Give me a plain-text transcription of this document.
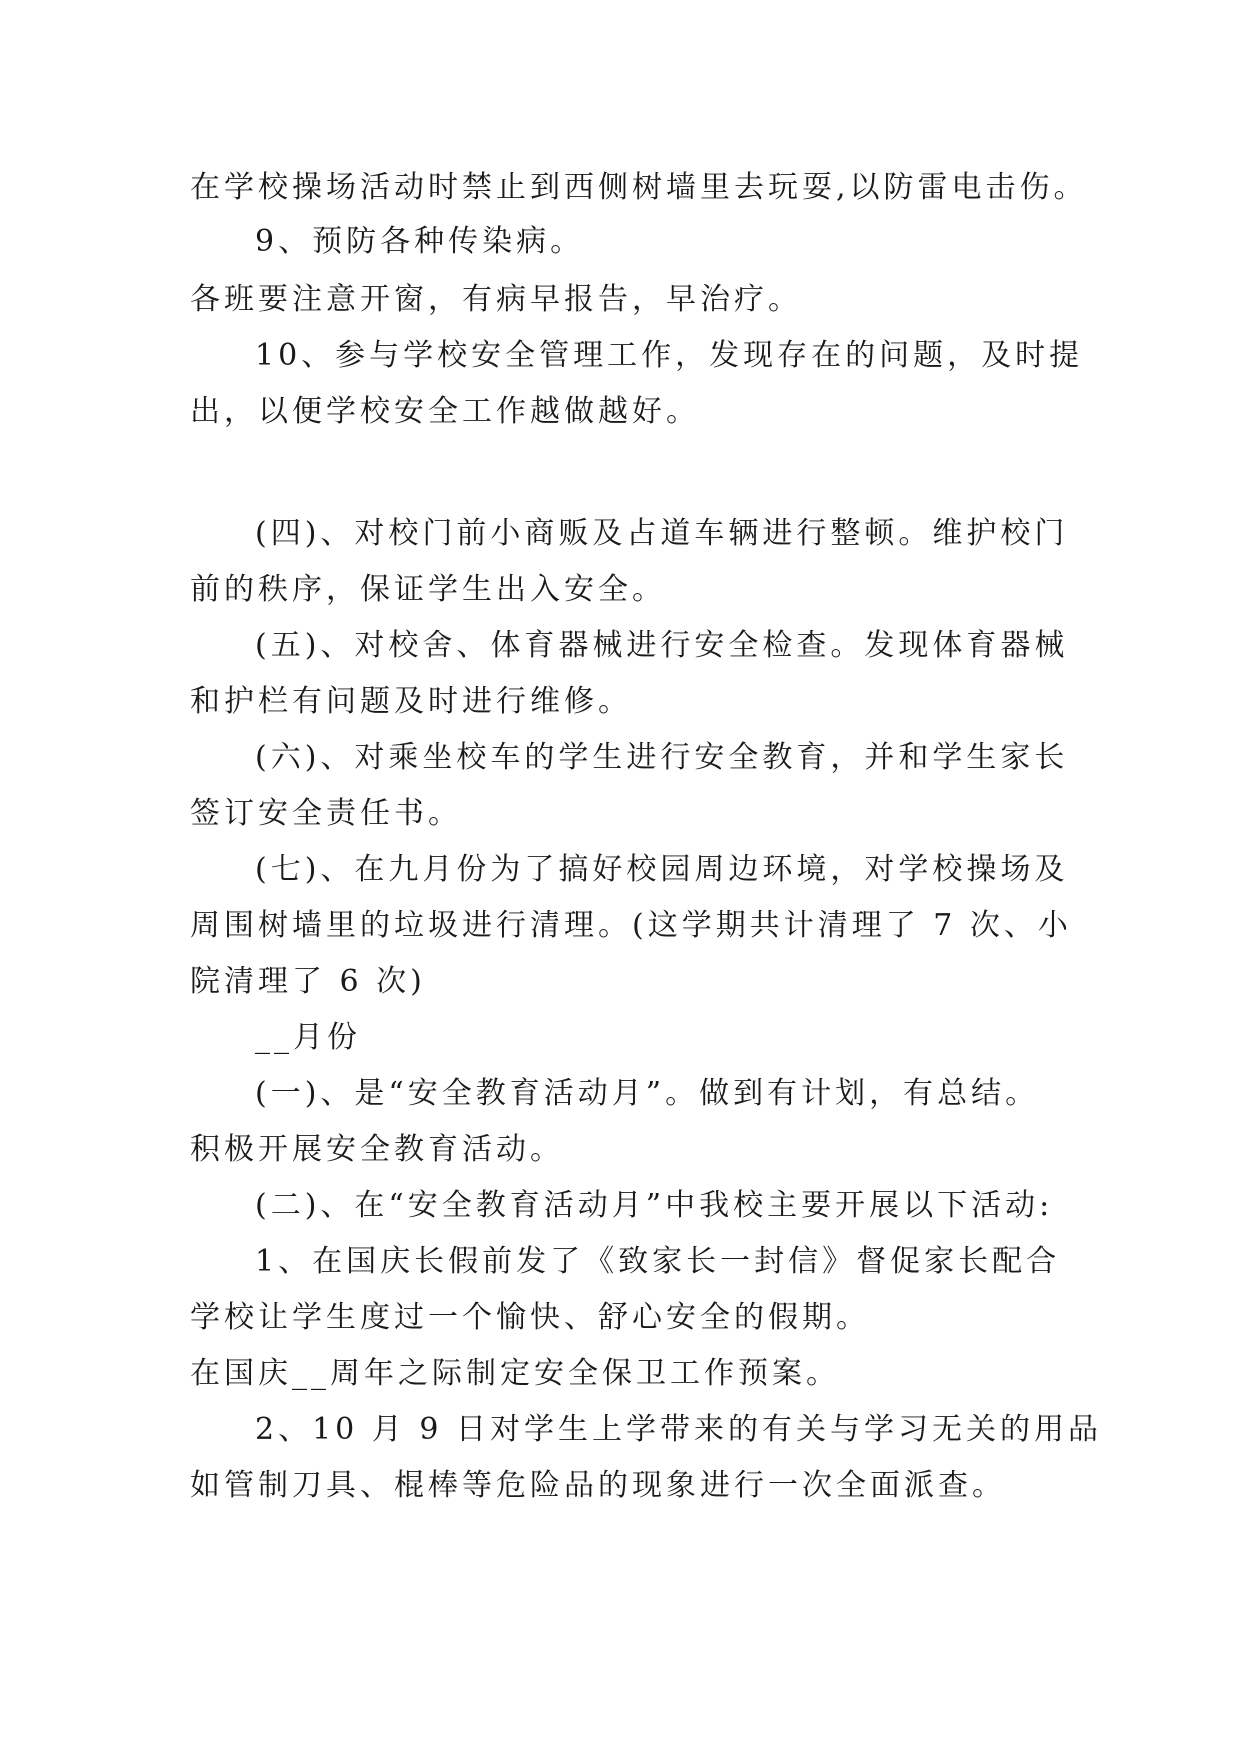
在学校操场活动时禁止到西侧树墙里去玩耍,以防雷电击伤。
9、预防各种传染病。
各班要注意开窗，有病早报告，早治疗。
10、参与学校安全管理工作，发现存在的问题，及时提
出，以便学校安全工作越做越好。
(四)、对校门前小商贩及占道车辆进行整顿。维护校门
前的秩序，保证学生出入安全。
(五)、对校舍、体育器械进行安全检查。发现体育器械
和护栏有问题及时进行维修。
(六)、对乘坐校车的学生进行安全教育，并和学生家长
签订安全责任书。
(七)、在九月份为了搞好校园周边环境，对学校操场及
周围树墙里的垃圾进行清理。(这学期共计清理了 7 次、小
院清理了 6 次)
__月份
(一)、是“安全教育活动月”。做到有计划，有总结。
积极开展安全教育活动。
(二)、在“安全教育活动月”中我校主要开展以下活动:
1、在国庆长假前发了《致家长一封信》督促家长配合
学校让学生度过一个愉快、舒心安全的假期。
在国庆__周年之际制定安全保卫工作预案。
2、10 月 9 日对学生上学带来的有关与学习无关的用品
如管制刀具、棍棒等危险品的现象进行一次全面派查。
